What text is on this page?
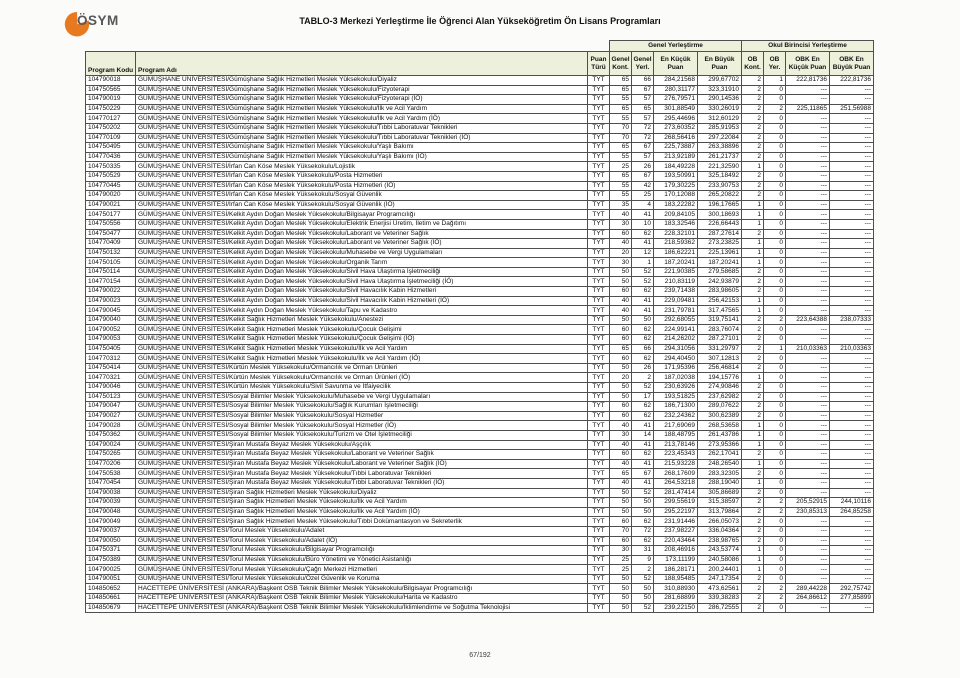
ÖSYM	TABLO-3 Merkezi Yerleştirme İle Öğrenci Alan Yükseköğretim Ön Lisans Programları
			Genel Yerleştirme				Okul Birincisi Yerleştirme			
Program Kodu	Program Adı	Puan Türü	Genel Kont.	Genel Yerl.	En Küçük Puan	En Büyük Puan	OB Kont.	OB Yer.	OBK En Küçük Puan	OBK En Büyük Puan
104790018	GÜMÜŞHANE ÜNİVERSİTESİ/Gümüşhane Sağlık Hizmetleri Meslek Yüksekokulu/Diyaliz	TYT	65	66	284,21568	299,67702	2	1	222,81736	222,81736
104750565	GÜMÜŞHANE ÜNİVERSİTESİ/Gümüşhane Sağlık Hizmetleri Meslek Yüksekokulu/Fizyoterapi	TYT	65	67	280,31177	323,31910	2	0	---	---
104790019	GÜMÜŞHANE ÜNİVERSİTESİ/Gümüşhane Sağlık Hizmetleri Meslek Yüksekokulu/Fizyoterapi (İÖ)	TYT	55	57	276,79571	290,14536	2	0	---	---
104750229	GÜMÜŞHANE ÜNİVERSİTESİ/Gümüşhane Sağlık Hizmetleri Meslek Yüksekokulu/İlk ve Acil Yardım	TYT	65	65	301,88549	330,26019	2	2	225,11865	251,56988
104770127	GÜMÜŞHANE ÜNİVERSİTESİ/Gümüşhane Sağlık Hizmetleri Meslek Yüksekokulu/İlk ve Acil Yardım (İÖ)	TYT	55	57	295,44696	312,60129	2	0	---	---
104750202	GÜMÜŞHANE ÜNİVERSİTESİ/Gümüşhane Sağlık Hizmetleri Meslek Yüksekokulu/Tıbbi Laboratuvar Teknikleri	TYT	70	72	273,60352	285,91953	2	0	---	---
104770109	GÜMÜŞHANE ÜNİVERSİTESİ/Gümüşhane Sağlık Hizmetleri Meslek Yüksekokulu/Tıbbi Laboratuvar Teknikleri (İÖ)	TYT	70	72	268,56416	297,22084	2	0	---	---
104750495	GÜMÜŞHANE ÜNİVERSİTESİ/Gümüşhane Sağlık Hizmetleri Meslek Yüksekokulu/Yaşlı Bakımı	TYT	65	67	225,73887	263,38896	2	0	---	---
104770436	GÜMÜŞHANE ÜNİVERSİTESİ/Gümüşhane Sağlık Hizmetleri Meslek Yüksekokulu/Yaşlı Bakımı (İÖ)	TYT	55	57	213,92189	261,21737	2	0	---	---
104750335	GÜMÜŞHANE ÜNİVERSİTESİ/İrfan Can Köse Meslek Yüksekokulu/Lojistik	TYT	25	26	184,49228	221,32590	1	0	---	---
104750529	GÜMÜŞHANE ÜNİVERSİTESİ/İrfan Can Köse Meslek Yüksekokulu/Posta Hizmetleri	TYT	65	67	193,50991	325,18492	2	0	---	---
104770445	GÜMÜŞHANE ÜNİVERSİTESİ/İrfan Can Köse Meslek Yüksekokulu/Posta Hizmetleri (İÖ)	TYT	55	42	179,30225	233,90753	2	0	---	---
104790020	GÜMÜŞHANE ÜNİVERSİTESİ/İrfan Can Köse Meslek Yüksekokulu/Sosyal Güvenlik	TYT	55	25	170,12088	265,20822	2	0	---	---
104790021	GÜMÜŞHANE ÜNİVERSİTESİ/İrfan Can Köse Meslek Yüksekokulu/Sosyal Güvenlik (İÖ)	TYT	35	4	183,22282	196,17665	1	0	---	---
104750177	GÜMÜŞHANE ÜNİVERSİTESİ/Kelkit Aydın Doğan Meslek Yüksekokulu/Bilgisayar Programcılığı	TYT	40	41	209,84105	300,18693	1	0	---	---
104750556	GÜMÜŞHANE ÜNİVERSİTESİ/Kelkit Aydın Doğan Meslek Yüksekokulu/Elektrik Enerjisi Üretim, İletim ve Dağıtımı	TYT	30	10	183,32546	226,66443	1	0	---	---
104750477	GÜMÜŞHANE ÜNİVERSİTESİ/Kelkit Aydın Doğan Meslek Yüksekokulu/Laborant ve Veteriner Sağlık	TYT	60	62	228,32101	287,27614	2	0	---	---
104770409	GÜMÜŞHANE ÜNİVERSİTESİ/Kelkit Aydın Doğan Meslek Yüksekokulu/Laborant ve Veteriner Sağlık (İÖ)	TYT	40	41	218,59362	273,23825	1	0	---	---
104750132	GÜMÜŞHANE ÜNİVERSİTESİ/Kelkit Aydın Doğan Meslek Yüksekokulu/Muhasebe ve Vergi Uygulamaları	TYT	20	12	186,62221	225,13961	1	0	---	---
104750105	GÜMÜŞHANE ÜNİVERSİTESİ/Kelkit Aydın Doğan Meslek Yüksekokulu/Organik Tarım	TYT	30	1	187,20241	187,20241	1	0	---	---
104750114	GÜMÜŞHANE ÜNİVERSİTESİ/Kelkit Aydın Doğan Meslek Yüksekokulu/Sivil Hava Ulaştırma İşletmeciliği	TYT	50	52	221,90385	279,58685	2	0	---	---
104770154	GÜMÜŞHANE ÜNİVERSİTESİ/Kelkit Aydın Doğan Meslek Yüksekokulu/Sivil Hava Ulaştırma İşletmeciliği (İÖ)	TYT	50	52	210,83119	242,93879	2	0	---	---
104790022	GÜMÜŞHANE ÜNİVERSİTESİ/Kelkit Aydın Doğan Meslek Yüksekokulu/Sivil Havacılık Kabin Hizmetleri	TYT	60	62	239,71438	283,98605	2	0	---	---
104790023	GÜMÜŞHANE ÜNİVERSİTESİ/Kelkit Aydın Doğan Meslek Yüksekokulu/Sivil Havacılık Kabin Hizmetleri (İÖ)	TYT	40	41	229,09481	256,42153	1	0	---	---
104790045	GÜMÜŞHANE ÜNİVERSİTESİ/Kelkit Aydın Doğan Meslek Yüksekokulu/Tapu ve Kadastro	TYT	40	41	231,79781	317,47565	1	0	---	---
104790040	GÜMÜŞHANE ÜNİVERSİTESİ/Kelkit Sağlık Hizmetleri Meslek Yüksekokulu/Anestezi	TYT	50	50	292,68055	319,75141	2	2	223,64388	238,07333
104790052	GÜMÜŞHANE ÜNİVERSİTESİ/Kelkit Sağlık Hizmetleri Meslek Yüksekokulu/Çocuk Gelişimi	TYT	60	62	224,99141	283,76074	2	0	---	---
104790053	GÜMÜŞHANE ÜNİVERSİTESİ/Kelkit Sağlık Hizmetleri Meslek Yüksekokulu/Çocuk Gelişimi (İÖ)	TYT	60	62	214,26202	287,27101	2	0	---	---
104750405	GÜMÜŞHANE ÜNİVERSİTESİ/Kelkit Sağlık Hizmetleri Meslek Yüksekokulu/İlk ve Acil Yardım	TYT	65	66	294,31056	331,29797	2	1	210,03363	210,03363
104770312	GÜMÜŞHANE ÜNİVERSİTESİ/Kelkit Sağlık Hizmetleri Meslek Yüksekokulu/İlk ve Acil Yardım (İÖ)	TYT	60	62	294,40450	307,12813	2	0	---	---
104750414	GÜMÜŞHANE ÜNİVERSİTESİ/Kürtün Meslek Yüksekokulu/Ormancılık ve Orman Ürünleri	TYT	50	26	171,95396	256,46814	2	0	---	---
104770321	GÜMÜŞHANE ÜNİVERSİTESİ/Kürtün Meslek Yüksekokulu/Ormancılık ve Orman Ürünleri (İÖ)	TYT	20	2	187,02038	194,15776	1	0	---	---
104790046	GÜMÜŞHANE ÜNİVERSİTESİ/Kürtün Meslek Yüksekokulu/Sivil Savunma ve İtfaiyecilik	TYT	50	52	230,63926	274,90846	2	0	---	---
104750123	GÜMÜŞHANE ÜNİVERSİTESİ/Sosyal Bilimler Meslek Yüksekokulu/Muhasebe ve Vergi Uygulamaları	TYT	50	17	193,51825	237,62982	2	0	---	---
104790047	GÜMÜŞHANE ÜNİVERSİTESİ/Sosyal Bilimler Meslek Yüksekokulu/Sağlık Kurumları İşletmeciliği	TYT	60	62	186,71300	289,07622	2	0	---	---
104790027	GÜMÜŞHANE ÜNİVERSİTESİ/Sosyal Bilimler Meslek Yüksekokulu/Sosyal Hizmetler	TYT	60	62	232,24362	300,62389	2	0	---	---
104790028	GÜMÜŞHANE ÜNİVERSİTESİ/Sosyal Bilimler Meslek Yüksekokulu/Sosyal Hizmetler (İÖ)	TYT	40	41	217,69069	268,53658	1	0	---	---
104750362	GÜMÜŞHANE ÜNİVERSİTESİ/Sosyal Bilimler Meslek Yüksekokulu/Turizm ve Otel İşletmeciliği	TYT	30	14	188,48795	261,43786	1	0	---	---
104790024	GÜMÜŞHANE ÜNİVERSİTESİ/Şiran Mustafa Beyaz Meslek Yüksekokulu/Aşçılık	TYT	40	41	213,78146	273,95366	1	0	---	---
104750265	GÜMÜŞHANE ÜNİVERSİTESİ/Şiran Mustafa Beyaz Meslek Yüksekokulu/Laborant ve Veteriner Sağlık	TYT	60	62	223,45343	262,17041	2	0	---	---
104770206	GÜMÜŞHANE ÜNİVERSİTESİ/Şiran Mustafa Beyaz Meslek Yüksekokulu/Laborant ve Veteriner Sağlık (İÖ)	TYT	40	41	215,93228	248,26540	1	0	---	---
104750538	GÜMÜŞHANE ÜNİVERSİTESİ/Şiran Mustafa Beyaz Meslek Yüksekokulu/Tıbbi Laboratuvar Teknikleri	TYT	65	67	268,17609	283,32305	2	0	---	---
104770454	GÜMÜŞHANE ÜNİVERSİTESİ/Şiran Mustafa Beyaz Meslek Yüksekokulu/Tıbbi Laboratuvar Teknikleri (İÖ)	TYT	40	41	264,53218	288,19040	1	0	---	---
104790038	GÜMÜŞHANE ÜNİVERSİTESİ/Şiran Sağlık Hizmetleri Meslek Yüksekokulu/Diyaliz	TYT	50	52	281,47414	305,86689	2	0	---	---
104790039	GÜMÜŞHANE ÜNİVERSİTESİ/Şiran Sağlık Hizmetleri Meslek Yüksekokulu/İlk ve Acil Yardım	TYT	50	50	299,55619	315,38597	2	2	205,52915	244,10116
104790048	GÜMÜŞHANE ÜNİVERSİTESİ/Şiran Sağlık Hizmetleri Meslek Yüksekokulu/İlk ve Acil Yardım (İÖ)	TYT	50	50	295,22197	313,79864	2	2	230,85313	264,85258
104790049	GÜMÜŞHANE ÜNİVERSİTESİ/Şiran Sağlık Hizmetleri Meslek Yüksekokulu/Tıbbi Dokümantasyon ve Sekreterlik	TYT	60	62	231,91446	266,05073	2	0	---	---
104790037	GÜMÜŞHANE ÜNİVERSİTESİ/Torul Meslek Yüksekokulu/Adalet	TYT	70	72	237,98227	336,04364	2	0	---	---
104790050	GÜMÜŞHANE ÜNİVERSİTESİ/Torul Meslek Yüksekokulu/Adalet (İÖ)	TYT	60	62	220,43464	238,98765	2	0	---	---
104750371	GÜMÜŞHANE ÜNİVERSİTESİ/Torul Meslek Yüksekokulu/Bilgisayar Programcılığı	TYT	30	31	208,46916	243,53774	1	0	---	---
104750389	GÜMÜŞHANE ÜNİVERSİTESİ/Torul Meslek Yüksekokulu/Büro Yönetimi ve Yönetici Asistanlığı	TYT	25	9	173,11199	240,58086	1	0	---	---
104790025	GÜMÜŞHANE ÜNİVERSİTESİ/Torul Meslek Yüksekokulu/Çağrı Merkezi Hizmetleri	TYT	25	2	186,28171	200,24401	1	0	---	---
104790051	GÜMÜŞHANE ÜNİVERSİTESİ/Torul Meslek Yüksekokulu/Özel Güvenlik ve Koruma	TYT	50	52	188,95485	247,17354	2	0	---	---
104850652	HACETTEPE ÜNİVERSİTESİ (ANKARA)/Başkent OSB Teknik Bilimler Meslek Yüksekokulu/Bilgisayar Programcılığı	TYT	50	50	310,88930	473,62561	2	2	289,44228	292,75742
104850661	HACETTEPE ÜNİVERSİTESİ (ANKARA)/Başkent OSB Teknik Bilimler Meslek Yüksekokulu/Harita ve Kadastro	TYT	50	50	281,68899	339,38283	2	2	264,86612	277,85899
104850679	HACETTEPE ÜNİVERSİTESİ (ANKARA)/Başkent OSB Teknik Bilimler Meslek Yüksekokulu/İklimlendirme ve Soğutma Teknolojisi	TYT	50	52	239,22150	286,72555	2	0	---	---
67/192
